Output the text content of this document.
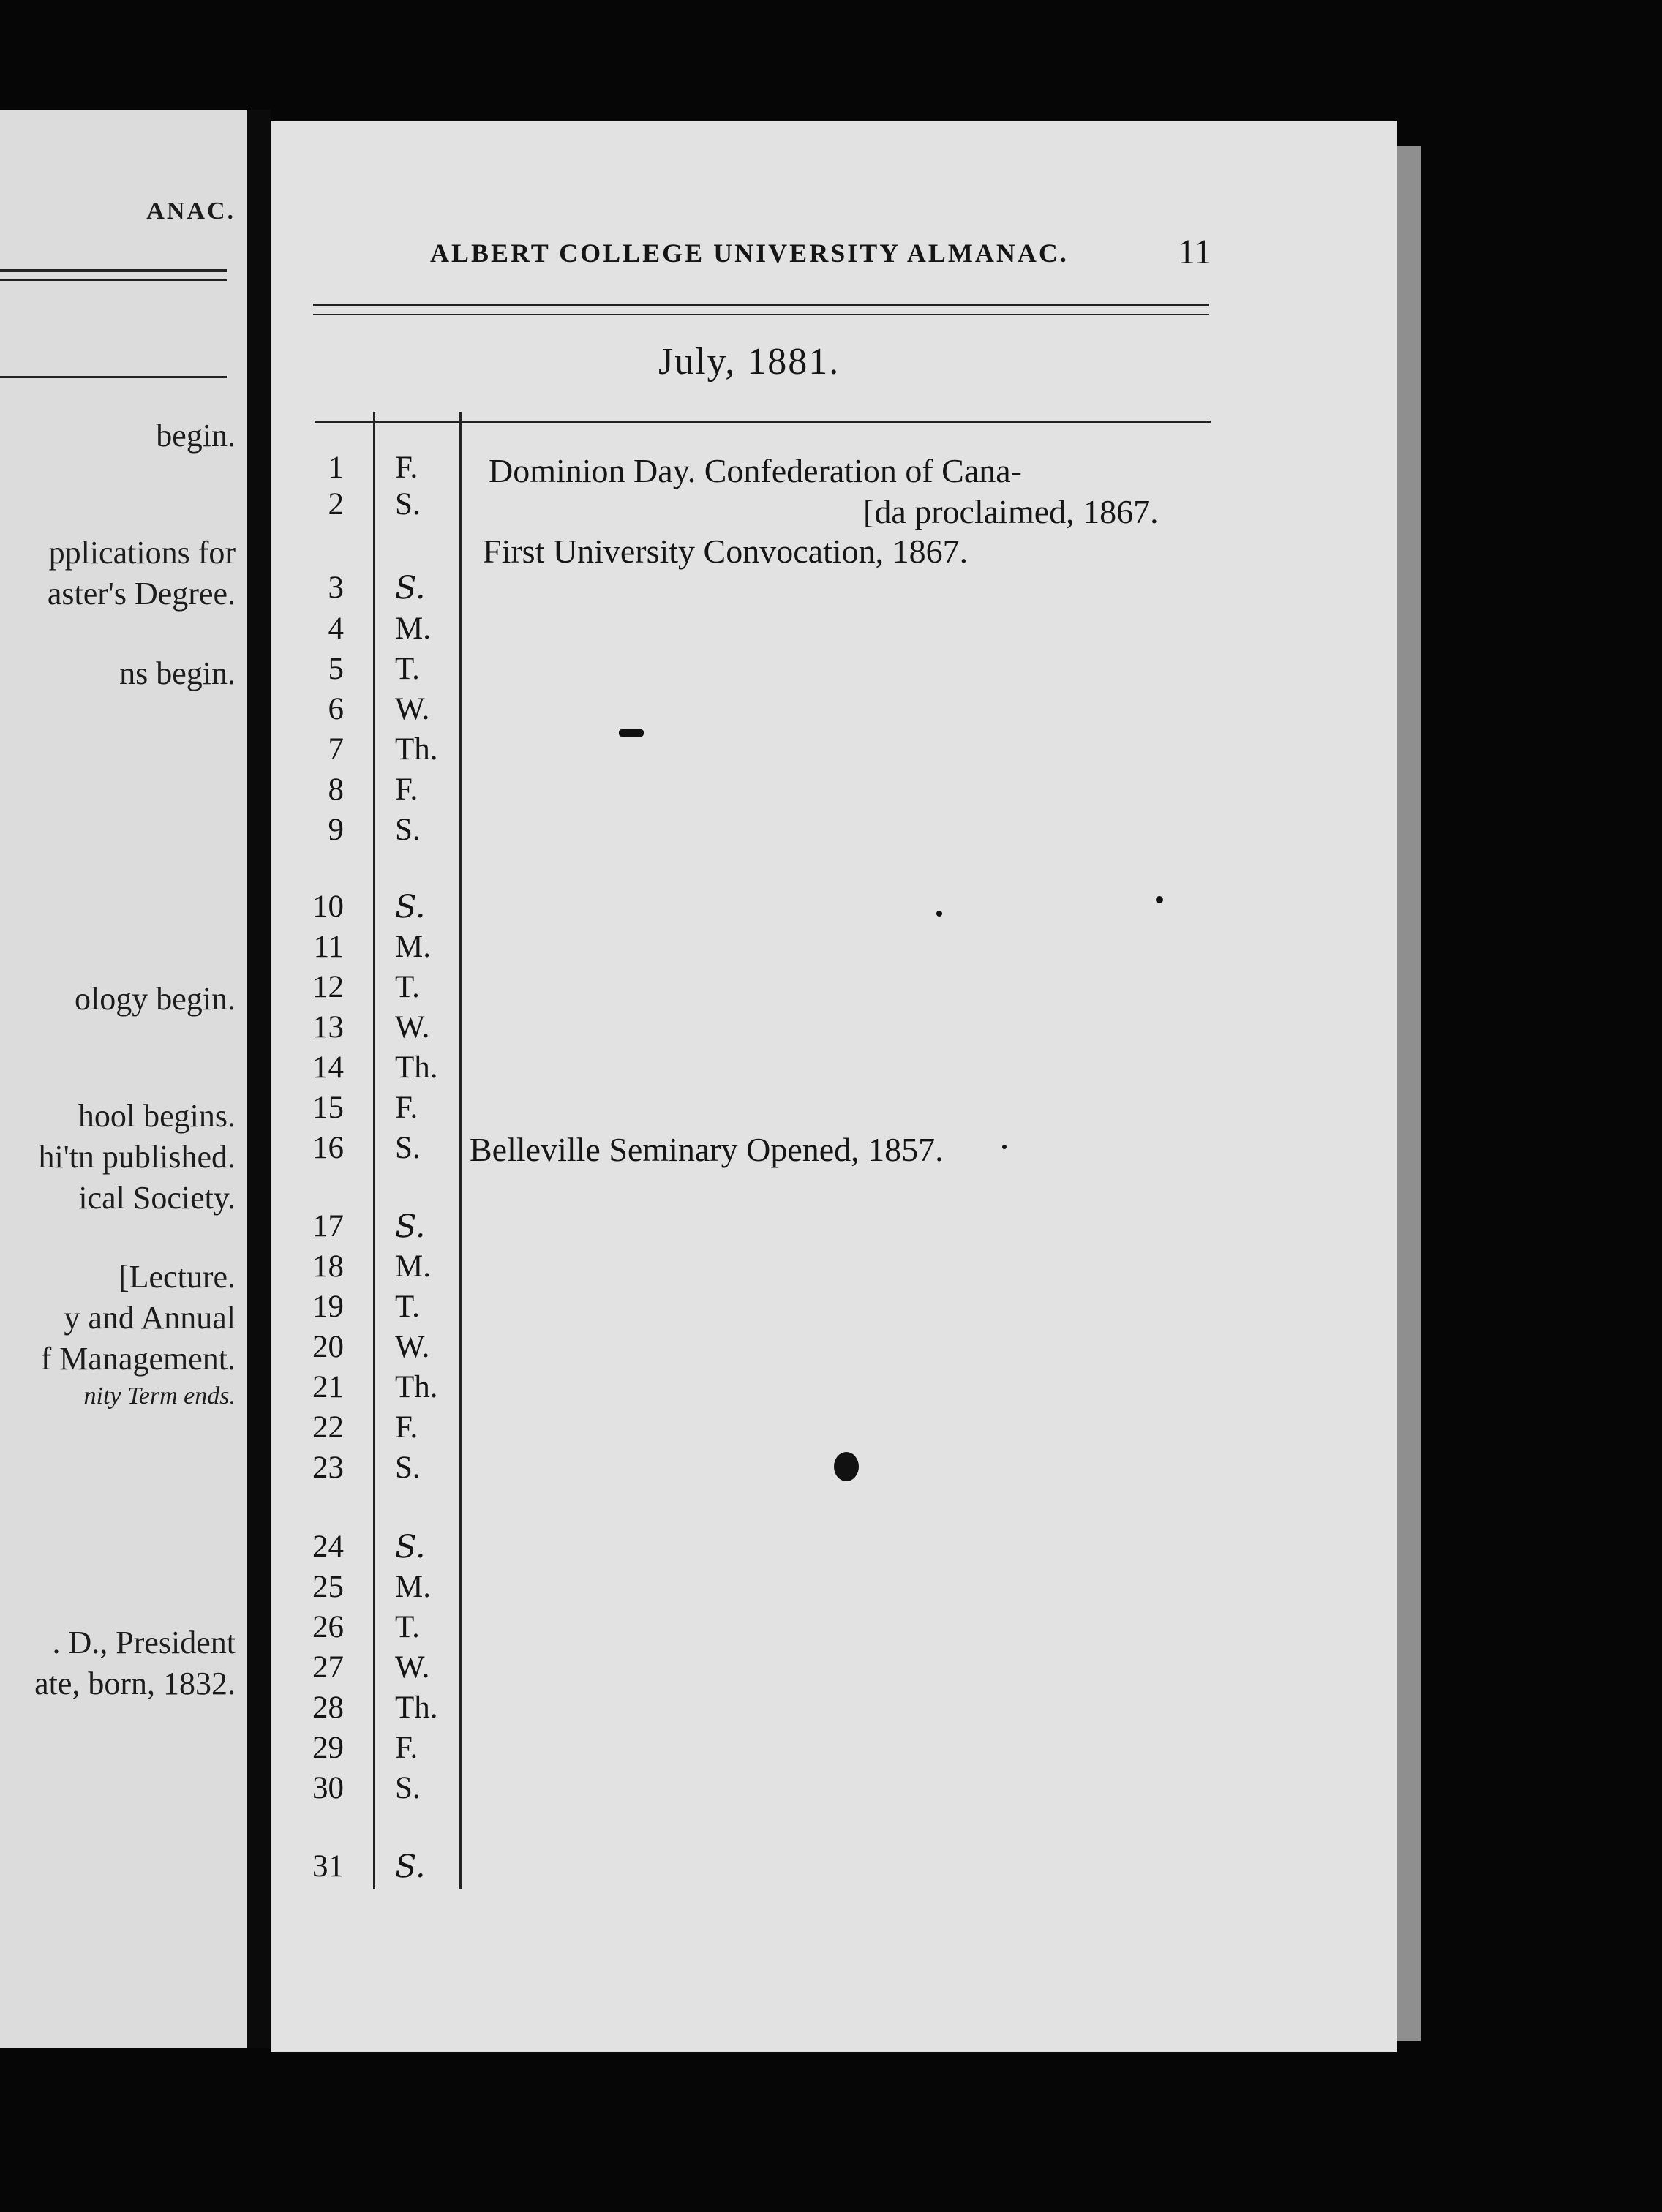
ANAC.
begin.
pplications for
aster's Degree.
ns begin.
ology begin.
hool begins.
hi'tn published.
ical Society.
[Lecture.
y and Annual
f Management.
nity Term ends.
. D., President
ate, born, 1832.
ALBERT COLLEGE UNIVERSITY ALMANAC.	11
July, 1881.
1
2
3
4
5
6
7
8
9
10
11
12
13
14
15
16
17
18
19
20
21
22
23
24
25
26
27
28
29
30
31
F.
S.
S.
M.
T.
W.
Th.
F.
S.
S.
M.
T.
W.
Th.
F.
S.
S.
M.
T.
W.
Th.
F.
S.
S.
M.
T.
W.
Th.
F.
S.
S.
Dominion Day. Confederation of Cana-
[da proclaimed, 1867.
First University Convocation, 1867.
Belleville Seminary Opened, 1857.
